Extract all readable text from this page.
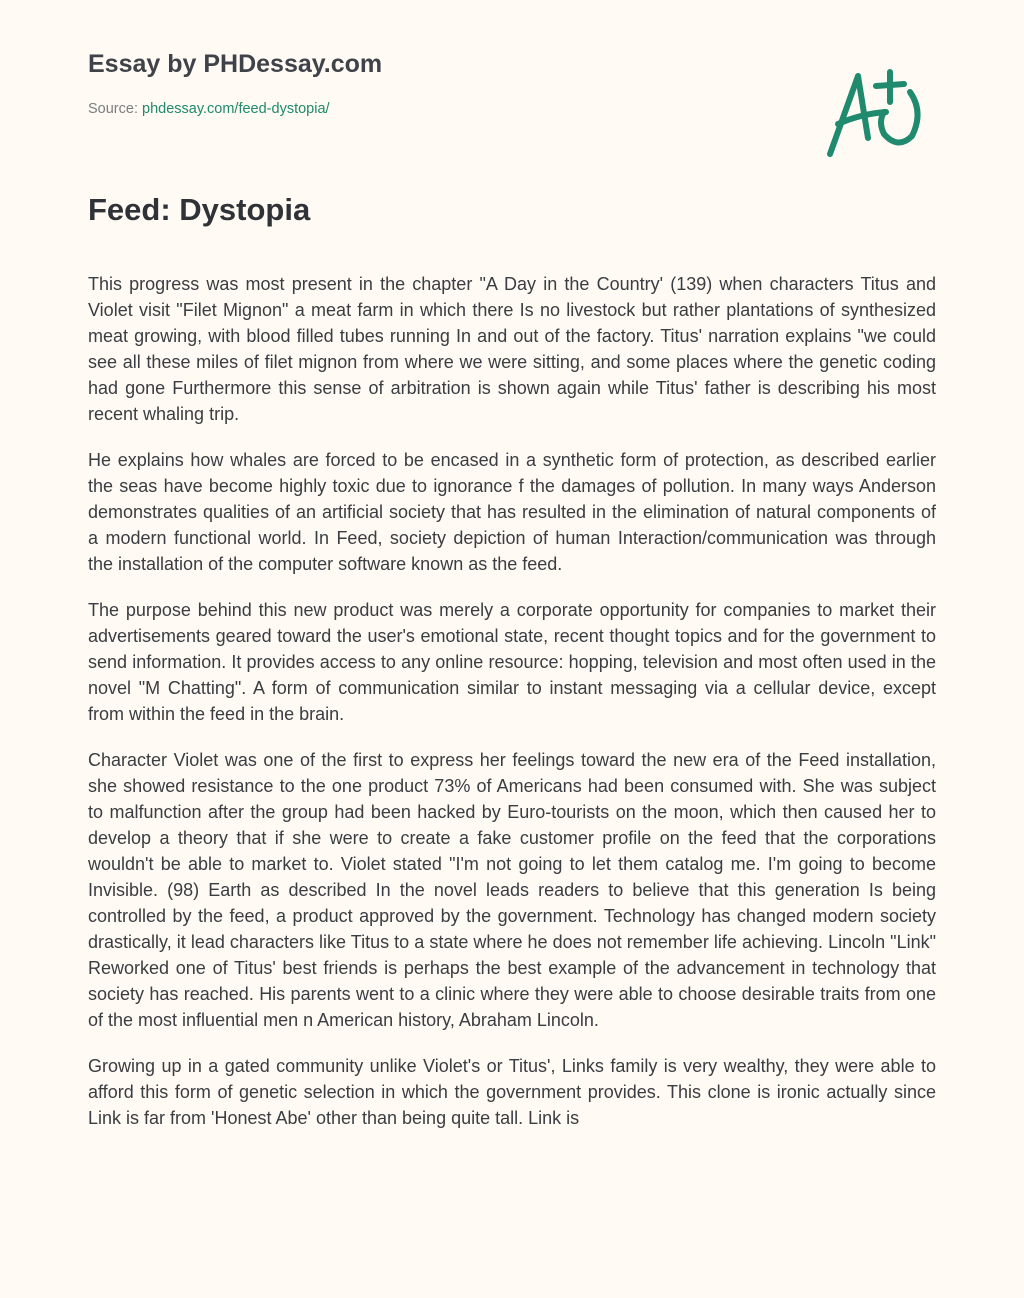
Essay by PHDessay.com
Source: phdessay.com/feed-dystopia/
Feed: Dystopia

This progress was most present in the chapter "A Day in the Country' (139) when characters Titus and Violet visit "Filet Mignon" a meat farm in which there Is no livestock but rather plantations of synthesized meat growing, with blood filled tubes running In and out of the factory. Titus' narration explains "we could see all these miles of filet mignon from where we were sitting, and some places where the genetic coding had gone Furthermore this sense of arbitration is shown again while Titus' father is describing his most recent whaling trip.

He explains how whales are forced to be encased in a synthetic form of protection, as described earlier the seas have become highly toxic due to ignorance f the damages of pollution. In many ways Anderson demonstrates qualities of an artificial society that has resulted in the elimination of natural components of a modern functional world. In Feed, society depiction of human Interaction/communication was through the installation of the computer software known as the feed.

The purpose behind this new product was merely a corporate opportunity for companies to market their advertisements geared toward the user's emotional state, recent thought topics and for the government to send information. It provides access to any online resource: hopping, television and most often used in the novel "M Chatting". A form of communication similar to instant messaging via a cellular device, except from within the feed in the brain.

Character Violet was one of the first to express her feelings toward the new era of the Feed installation, she showed resistance to the one product 73% of Americans had been consumed with. She was subject to malfunction after the group had been hacked by Euro-tourists on the moon, which then caused her to develop a theory that if she were to create a fake customer profile on the feed that the corporations wouldn't be able to market to. Violet stated "I'm not going to let them catalog me. I'm going to become Invisible. (98) Earth as described In the novel leads readers to believe that this generation Is being controlled by the feed, a product approved by the government. Technology has changed modern society drastically, it lead characters like Titus to a state where he does not remember life achieving. Lincoln "Link" Reworked one of Titus' best friends is perhaps the best example of the advancement in technology that society has reached. His parents went to a clinic where they were able to choose desirable traits from one of the most influential men n American history, Abraham Lincoln.

Growing up in a gated community unlike Violet's or Titus', Links family is very wealthy, they were able to afford this form of genetic selection in which the government provides. This clone is ironic actually since Link is far from 'Honest Abe' other than being quite tall. Link is
